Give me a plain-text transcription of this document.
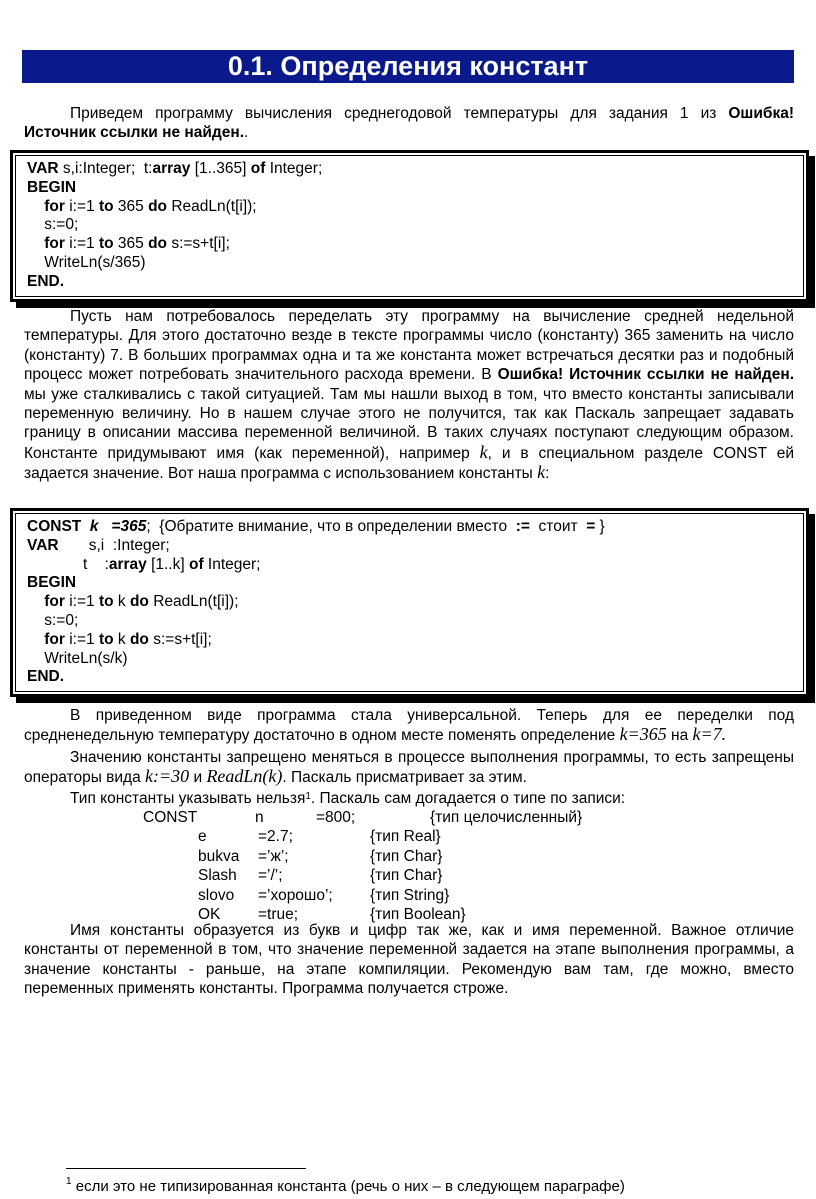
0.1. Определения констант
Приведем программу вычисления среднегодовой температуры для задания 1 из Ошибка! Источник ссылки не найден..
VAR s,i:Integer;  t:array [1..365] of Integer;
BEGIN
for i:=1 to 365 do ReadLn(t[i]);
s:=0;
for i:=1 to 365 do s:=s+t[i];
WriteLn(s/365)
END.
Пусть нам потребовалось переделать эту программу на вычисление средней недельной температуры. Для этого достаточно везде в тексте программы число (константу) 365 заменить на число (константу) 7. В больших программах одна и та же константа может встречаться десятки раз и подобный процесс может потребовать значительного расхода времени. В Ошибка! Источник ссылки не найден. мы уже сталкивались с такой ситуацией. Там мы нашли выход в том, что вместо константы записывали переменную величину. Но в нашем случае этого не получится, так как Паскаль запрещает задавать границу в описании массива переменной величиной. В таких случаях поступают следующим образом. Константе придумывают имя (как переменной), например k, и в специальном разделе CONST ей задается значение. Вот наша программа с использованием константы k:
CONST k =365;  {Обратите внимание, что в определении вместо  :=  стоит  = }
VAR       s,i  :Integer;
t    :array [1..k] of Integer;
BEGIN
for i:=1 to k do ReadLn(t[i]);
s:=0;
for i:=1 to k do s:=s+t[i];
WriteLn(s/k)
END.
В приведенном виде программа стала универсальной. Теперь для ее переделки под средненедельную температуру достаточно в одном месте поменять определение k=365 на k=7.
Значению константы запрещено меняться в процессе выполнения программы, то есть запрещены операторы вида k:=30 и ReadLn(k). Паскаль присматривает за этим.
Тип константы указывать нельзя$^1$. Паскаль сам догадается о типе по записи:
CONST	n	=800;	{тип целочисленный}
e	=2.7;	{тип Real}
bukva =’ж’;	{тип Char}
Slash =’/’;	{тип Char}
slovo =’хорошо’; {тип String}
OK =true;	{тип Boolean}
Имя константы образуется из букв и цифр так же, как и имя переменной. Важное отличие константы от переменной в том, что значение переменной задается на этапе выполнения программы, а значение константы - раньше, на этапе компиляции. Рекомендую вам там, где можно, вместо переменных применять константы. Программа получается строже.
$^1$ если это не типизированная константа (речь о них – в следующем параграфе)
